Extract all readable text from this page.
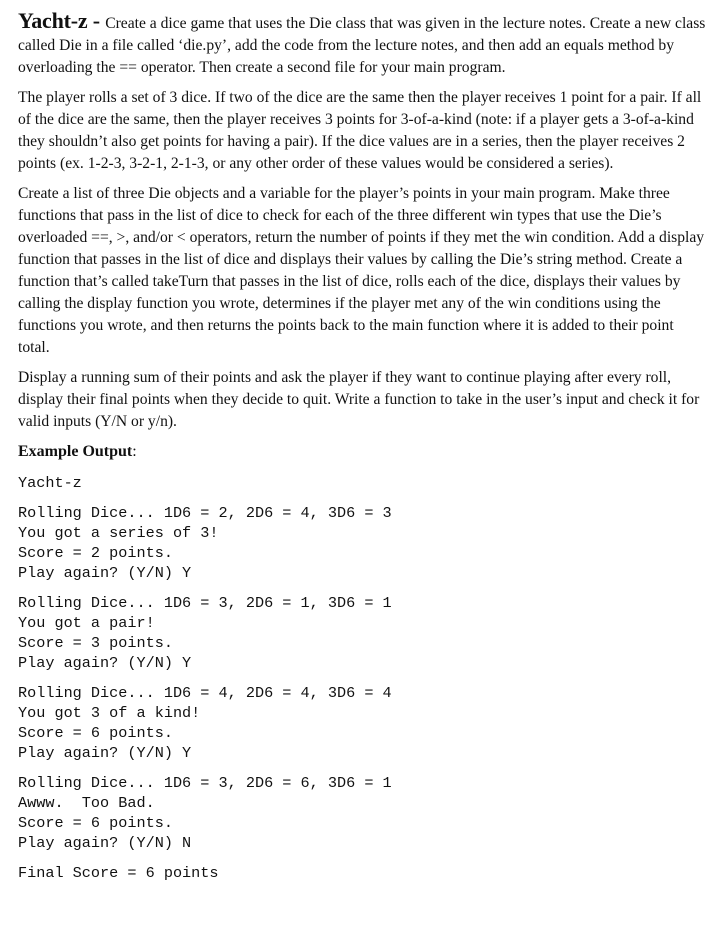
Yacht-z - Create a dice game that uses the Die class that was given in the lecture notes. Create a new class called Die in a file called ‘die.py’, add the code from the lecture notes, and then add an equals method by overloading the == operator. Then create a second file for your main program.

The player rolls a set of 3 dice. If two of the dice are the same then the player receives 1 point for a pair. If all of the dice are the same, then the player receives 3 points for 3-of-a-kind (note: if a player gets a 3-of-a-kind they shouldn’t also get points for having a pair). If the dice values are in a series, then the player receives 2 points (ex. 1-2-3, 3-2-1, 2-1-3, or any other order of these values would be considered a series).

Create a list of three Die objects and a variable for the player’s points in your main program. Make three functions that pass in the list of dice to check for each of the three different win types that use the Die’s overloaded ==, >, and/or < operators, return the number of points if they met the win condition. Add a display function that passes in the list of dice and displays their values by calling the Die’s string method. Create a function that’s called takeTurn that passes in the list of dice, rolls each of the dice, displays their values by calling the display function you wrote, determines if the player met any of the win conditions using the functions you wrote, and then returns the points back to the main function where it is added to their point total.

Display a running sum of their points and ask the player if they want to continue playing after every roll, display their final points when they decide to quit. Write a function to take in the user’s input and check it for valid inputs (Y/N or y/n).

Example Output:

Yacht-z
Rolling Dice... 1D6 = 2, 2D6 = 4, 3D6 = 3
You got a series of 3!
Score = 2 points.
Play again? (Y/N) Y
Rolling Dice... 1D6 = 3, 2D6 = 1, 3D6 = 1
You got a pair!
Score = 3 points.
Play again? (Y/N) Y
Rolling Dice... 1D6 = 4, 2D6 = 4, 3D6 = 4
You got 3 of a kind!
Score = 6 points.
Play again? (Y/N) Y
Rolling Dice... 1D6 = 3, 2D6 = 6, 3D6 = 1
Awww.  Too Bad.
Score = 6 points.
Play again? (Y/N) N
Final Score = 6 points
